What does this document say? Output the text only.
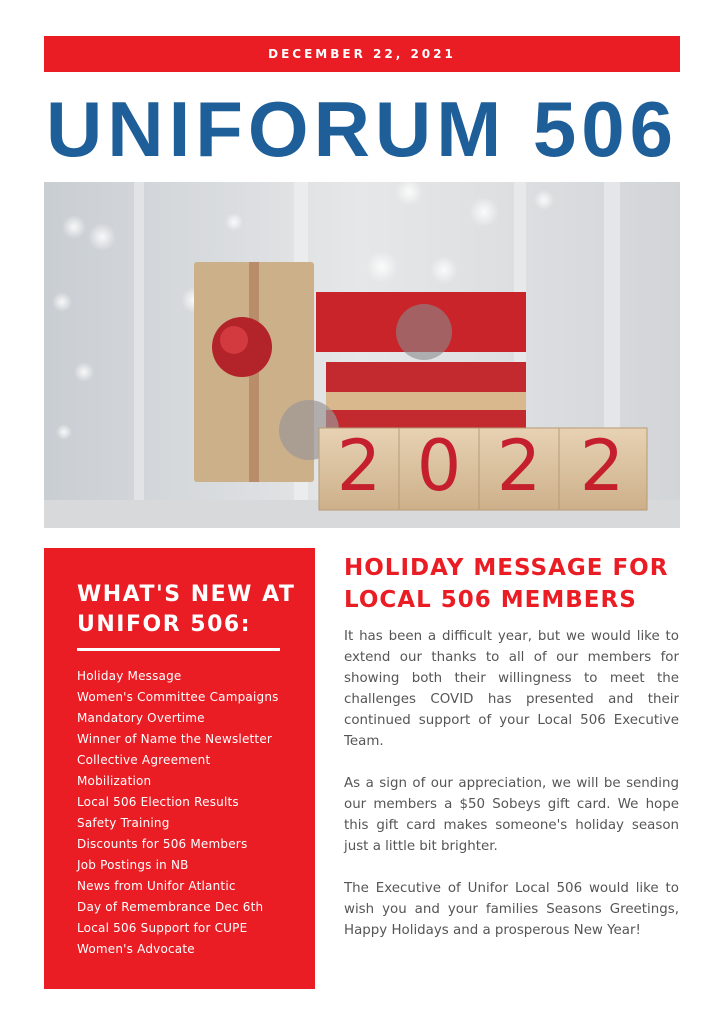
DECEMBER 22, 2021
UNIFORUM 506
2 0 2 2
WHAT'S NEW AT UNIFOR 506:
Holiday Message
Women's Committee Campaigns
Mandatory Overtime
Winner of Name the Newsletter
Collective Agreement
Mobilization
Local 506 Election Results
Safety Training
Discounts for 506 Members
Job Postings in NB
News from Unifor Atlantic
Day of Remembrance Dec 6th
Local 506 Support for CUPE
Women's Advocate
HOLIDAY MESSAGE FOR LOCAL 506 MEMBERS

It has been a difficult year, but we would like to extend our thanks to all of our members for showing both their willingness to meet the challenges COVID has presented and their continued support of your Local 506 Executive Team.

As a sign of our appreciation, we will be sending our members a $50 Sobeys gift card. We hope this gift card makes someone's holiday season just a little bit brighter.

The Executive of Unifor Local 506 would like to wish you and your families Seasons Greetings, Happy Holidays and a prosperous New Year!
